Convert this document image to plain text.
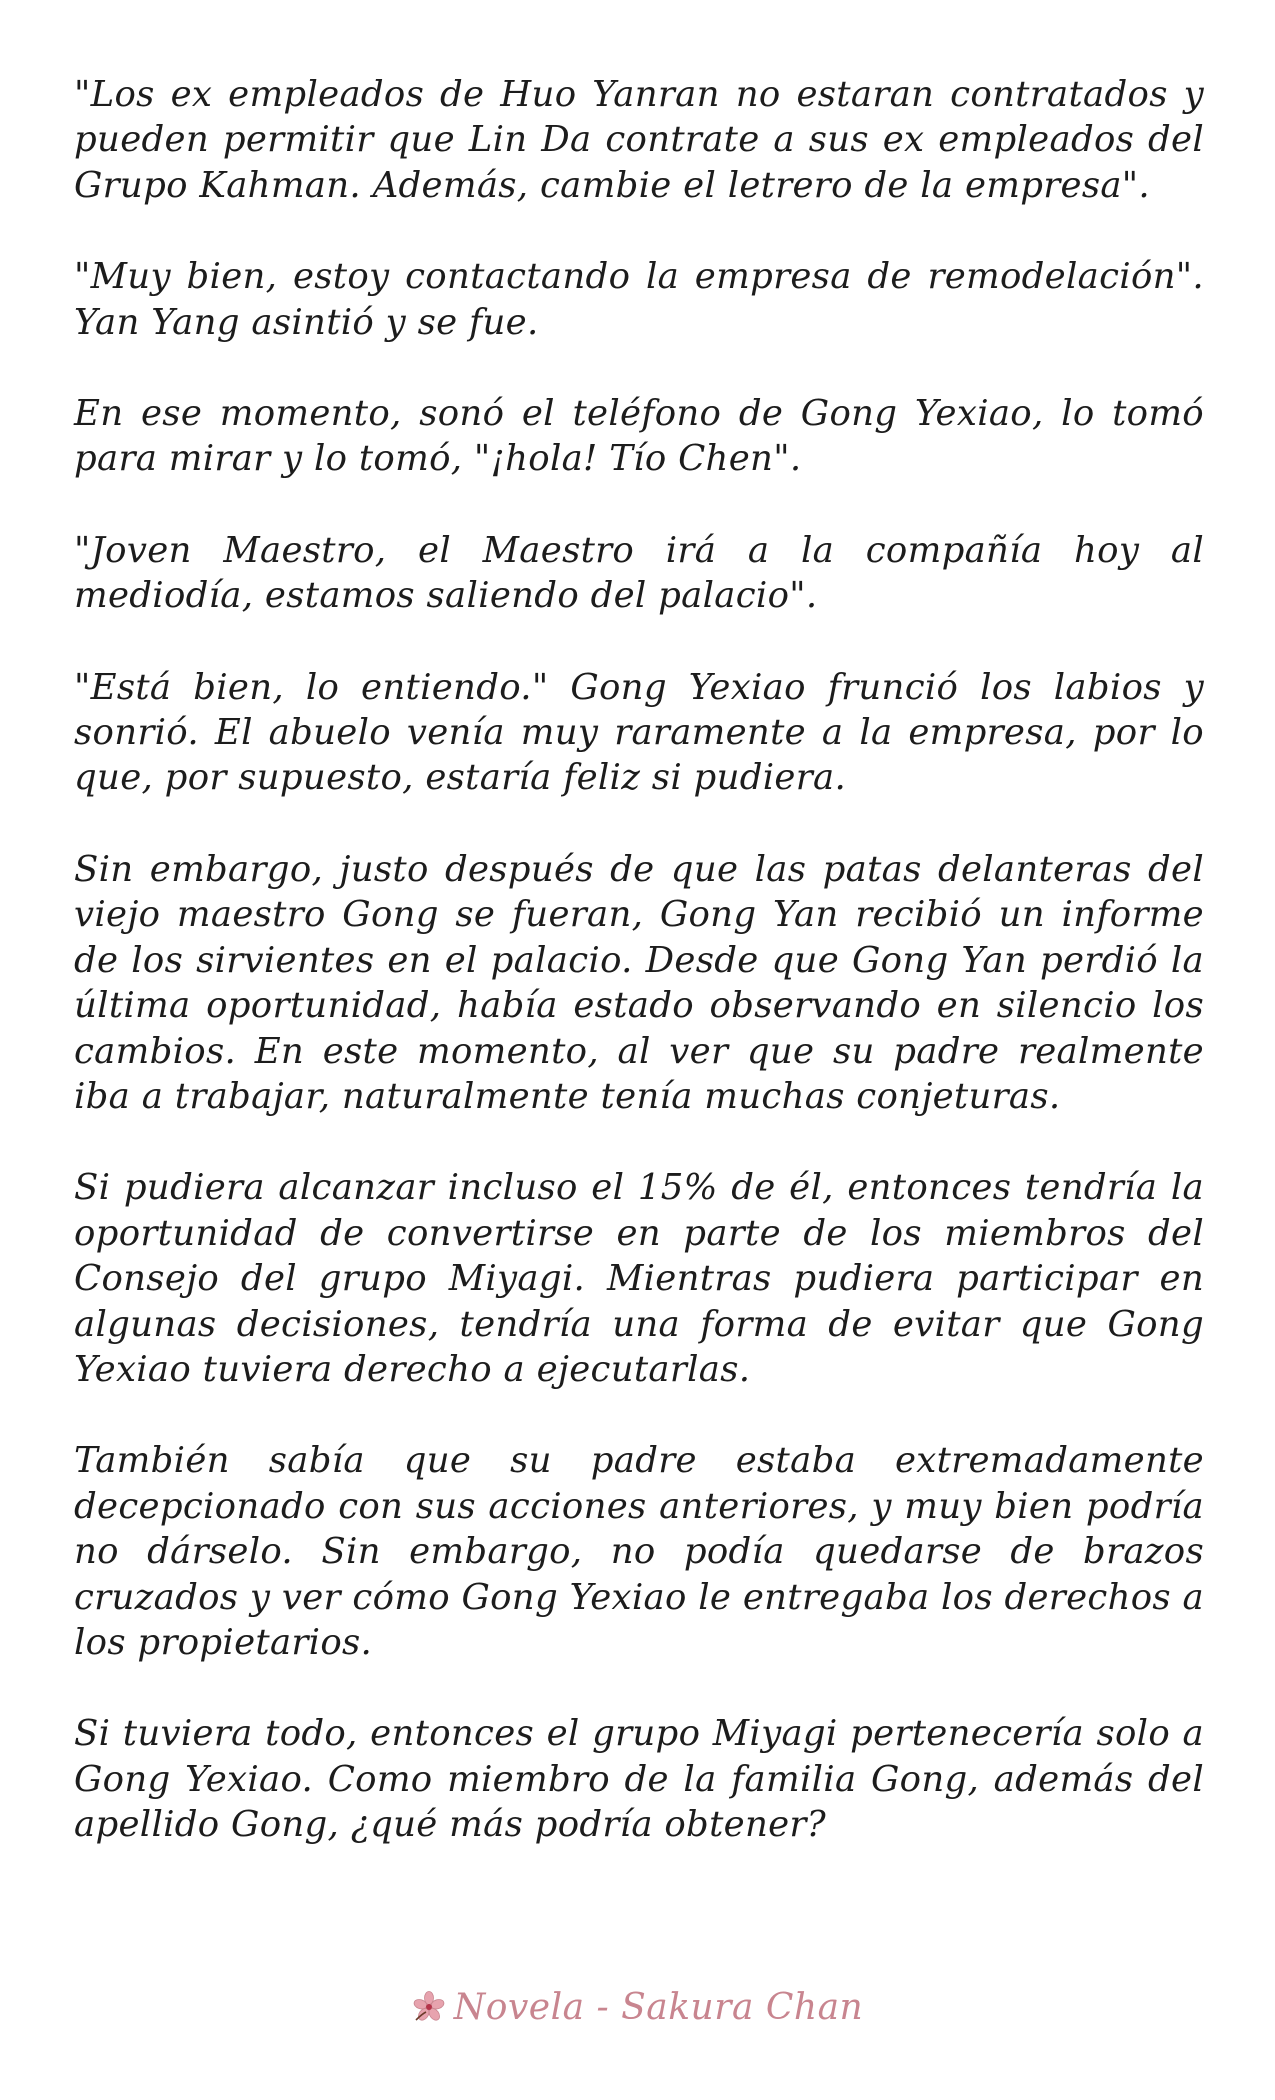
"Los ex empleados de Huo Yanran no estaran contratados y pueden permitir que Lin Da contrate a sus ex empleados del Grupo Kahman. Además, cambie el letrero de la empresa".

"Muy bien, estoy contactando la empresa de remodelación". Yan Yang asintió y se fue.

En ese momento, sonó el teléfono de Gong Yexiao, lo tomó para mirar y lo tomó, "¡hola! Tío Chen".

"Joven Maestro, el Maestro irá a la compañía hoy al mediodía, estamos saliendo del palacio".

"Está bien, lo entiendo." Gong Yexiao frunció los labios y sonrió. El abuelo venía muy raramente a la empresa, por lo que, por supuesto, estaría feliz si pudiera.

Sin embargo, justo después de que las patas delanteras del viejo maestro Gong se fueran, Gong Yan recibió un informe de los sirvientes en el palacio. Desde que Gong Yan perdió la última oportunidad, había estado observando en silencio los cambios. En este momento, al ver que su padre realmente iba a trabajar, naturalmente tenía muchas conjeturas.

Si pudiera alcanzar incluso el 15% de él, entonces tendría la oportunidad de convertirse en parte de los miembros del Consejo del grupo Miyagi. Mientras pudiera participar en algunas decisiones, tendría una forma de evitar que Gong Yexiao tuviera derecho a ejecutarlas.

También sabía que su padre estaba extremadamente decepcionado con sus acciones anteriores, y muy bien podría no dárselo. Sin embargo, no podía quedarse de brazos cruzados y ver cómo Gong Yexiao le entregaba los derechos a los propietarios.

Si tuviera todo, entonces el grupo Miyagi pertenecería solo a Gong Yexiao. Como miembro de la familia Gong, además del apellido Gong, ¿qué más podría obtener?

Novela - Sakura Chan
